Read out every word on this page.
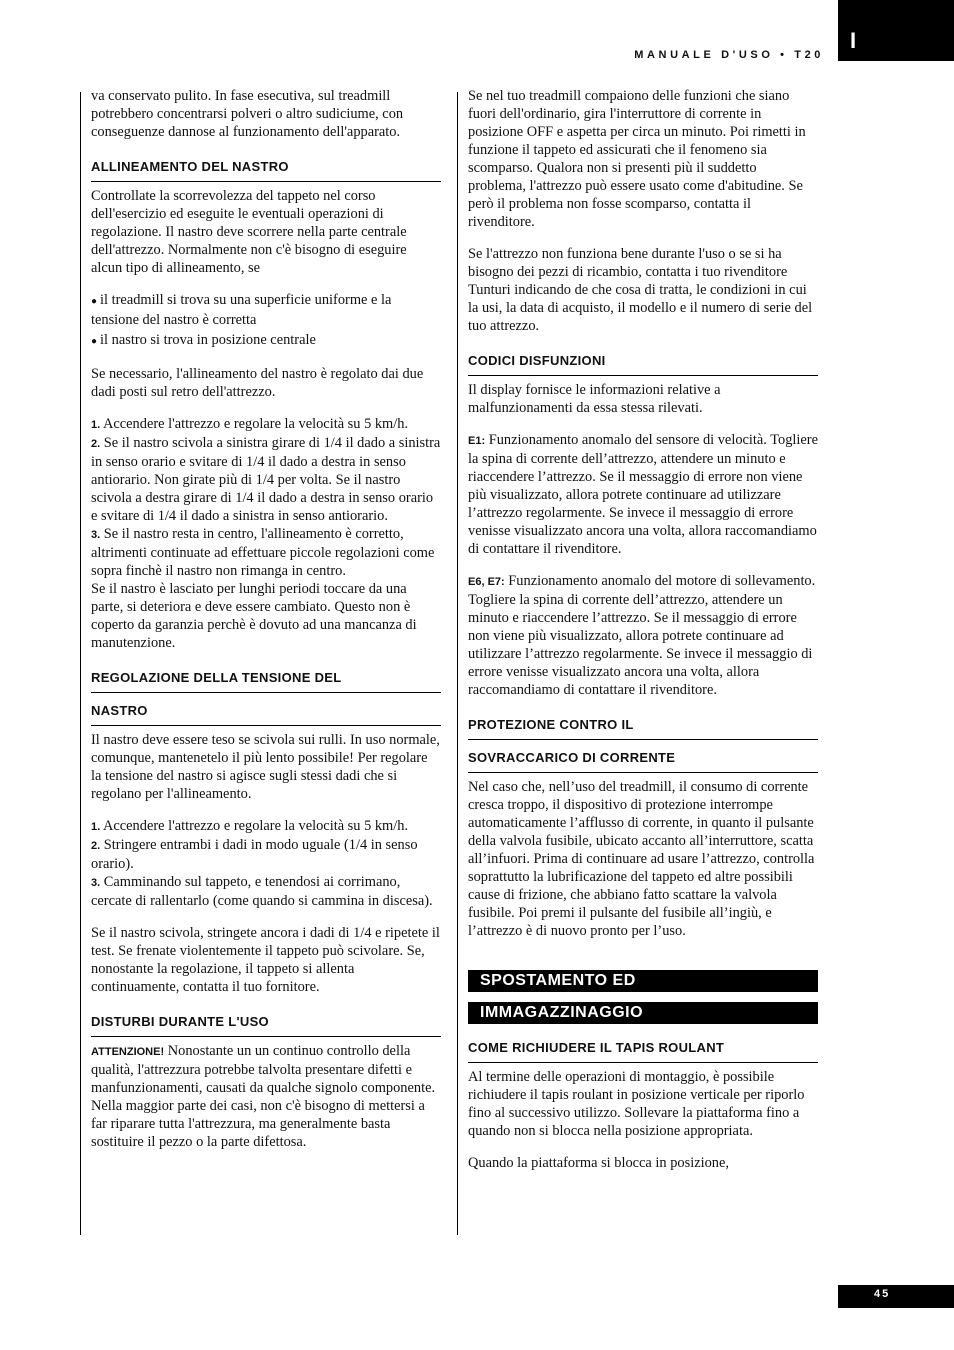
I
MANUALE D'USO • T20

va conservato pulito. In fase esecutiva, sul treadmill potrebbero concentrarsi polveri o altro sudiciume, con conseguenze dannose al funzionamento dell'apparato.

ALLINEAMENTO DEL NASTRO

Controllate la scorrevolezza del tappeto nel corso dell'esercizio ed eseguite le eventuali operazioni di regolazione. Il nastro deve scorrere nella parte centrale dell'attrezzo. Normalmente non c'è bisogno di eseguire alcun tipo di allineamento, se

● il treadmill si trova su una superficie uniforme e la tensione del nastro è corretta

● il nastro si trova in posizione centrale

Se necessario, l'allineamento del nastro è regolato dai due dadi posti sul retro dell'attrezzo.

1. Accendere l'attrezzo e regolare la velocità su 5 km/h.

2. Se il nastro scivola a sinistra girare di 1/4 il dado a sinistra in senso orario e svitare di 1/4 il dado a destra in senso antiorario. Non girate più di 1/4 per volta. Se il nastro scivola a destra girare di 1/4 il dado a destra in senso orario e svitare di 1/4 il dado a sinistra in senso antiorario.

3. Se il nastro resta in centro, l'allineamento è corretto, altrimenti continuate ad effettuare piccole regolazioni come sopra finchè il nastro non rimanga in centro.

Se il nastro è lasciato per lunghi periodi toccare da una parte, si deteriora e deve essere cambiato. Questo non è coperto da garanzia perchè è dovuto ad una mancanza di manutenzione.

REGOLAZIONE DELLA TENSIONE DEL
NASTRO

Il nastro deve essere teso se scivola sui rulli. In uso normale, comunque, mantenetelo il più lento possibile! Per regolare la tensione del nastro si agisce sugli stessi dadi che si regolano per l'allineamento.

1. Accendere l'attrezzo e regolare la velocità su 5 km/h.

2. Stringere entrambi i dadi in modo uguale (1/4 in senso orario).

3. Camminando sul tappeto, e tenendosi ai corrimano, cercate di rallentarlo (come quando si cammina in discesa).

Se il nastro scivola, stringete ancora i dadi di 1/4 e ripetete il test. Se frenate violentemente il tappeto può scivolare. Se, nonostante la regolazione, il tappeto si allenta continuamente, contatta il tuo fornitore.

DISTURBI DURANTE L'USO

ATTENZIONE! Nonostante un un continuo controllo della qualità, l'attrezzura potrebbe talvolta presentare difetti e manfunzionamenti, causati da qualche signolo componente. Nella maggior parte dei casi, non c'è bisogno di mettersi a far riparare tutta l'attrezzura, ma generalmente basta sostituire il pezzo o la parte difettosa.

Se nel tuo treadmill compaiono delle funzioni che siano fuori dell'ordinario, gira l'interruttore di corrente in posizione OFF e aspetta per circa un minuto. Poi rimetti in funzione il tappeto ed assicurati che il fenomeno sia scomparso. Qualora non si presenti più il suddetto problema, l'attrezzo può essere usato come d'abitudine. Se però il problema non fosse scomparso, contatta il rivenditore.

Se l'attrezzo non funziona bene durante l'uso o se si ha bisogno dei pezzi di ricambio, contatta i tuo rivenditore Tunturi indicando de che cosa di tratta, le condizioni in cui la usi, la data di acquisto, il modello e il numero di serie del tuo attrezzo.

CODICI DISFUNZIONI

Il display fornisce le informazioni relative a malfunzionamenti da essa stessa rilevati.

E1: Funzionamento anomalo del sensore di velocità. Togliere la spina di corrente dell’attrezzo, attendere un minuto e riaccendere l’attrezzo. Se il messaggio di errore non viene più visualizzato, allora potrete continuare ad utilizzare l’attrezzo regolarmente. Se invece il messaggio di errore venisse visualizzato ancora una volta, allora raccomandiamo di contattare il rivenditore.

E6, E7: Funzionamento anomalo del motore di sollevamento. Togliere la spina di corrente dell’attrezzo, attendere un minuto e riaccendere l’attrezzo. Se il messaggio di errore non viene più visualizzato, allora potrete continuare ad utilizzare l’attrezzo regolarmente. Se invece il messaggio di errore venisse visualizzato ancora una volta, allora raccomandiamo di contattare il rivenditore.

PROTEZIONE CONTRO IL
SOVRACCARICO DI CORRENTE

Nel caso che, nell’uso del treadmill, il consumo di corrente cresca troppo, il dispositivo di protezione interrompe automaticamente l’afflusso di corrente, in quanto il pulsante della valvola fusibile, ubicato accanto all’interruttore, scatta all’infuori. Prima di continuare ad usare l’attrezzo, controlla soprattutto la lubrificazione del tappeto ed altre possibili cause di frizione, che abbiano fatto scattare la valvola fusibile. Poi premi il pulsante del fusibile all’ingiù, e l’attrezzo è di nuovo pronto per l’uso.

SPOSTAMENTO ED
IMMAGAZZINAGGIO
COME RICHIUDERE IL TAPIS ROULANT

Al termine delle operazioni di montaggio, è possibile richiudere il tapis roulant in posizione verticale per riporlo fino al successivo utilizzo. Sollevare la piattaforma fino a quando non si blocca nella posizione appropriata.

Quando la piattaforma si blocca in posizione,

45
